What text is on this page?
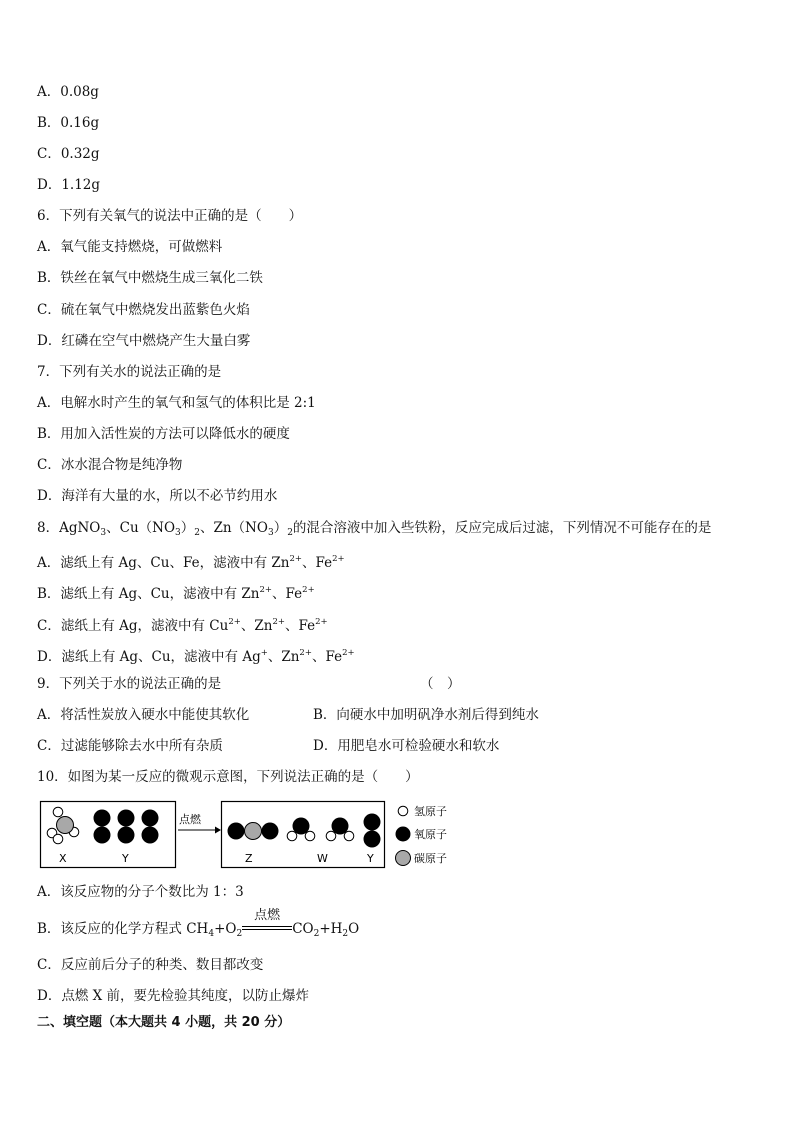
A．0.08g
B．0.16g
C．0.32g
D．1.12g
6．下列有关氧气的说法中正确的是（　　）
A．氧气能支持燃烧，可做燃料
B．铁丝在氧气中燃烧生成三氧化二铁
C．硫在氧气中燃烧发出蓝紫色火焰
D．红磷在空气中燃烧产生大量白雾
7．下列有关水的说法正确的是
A．电解水时产生的氧气和氢气的体积比是 2:1
B．用加入活性炭的方法可以降低水的硬度
C．冰水混合物是纯净物
D．海洋有大量的水，所以不必节约用水
8．AgNO$_3$、$Cu(NO_3)_2$、$Zn(NO_3)_2$的混合溶液中加入些铁粉，反应完成后过滤，下列情况不可能存在的是
A．滤纸上有 Ag、Cu、Fe，滤液中有 $Zn^{2+}$、$Fe^{2+}$
B．滤纸上有 Ag、Cu，滤液中有 $Zn^{2+}$、$Fe^{2+}$
C．滤纸上有 Ag，滤液中有 $Cu^{2+}$、$Zn^{2+}$、$Fe^{2+}$
D．滤纸上有 Ag、Cu，滤液中有 Ag+、$Zn^{2+}$、$Fe^{2+}$
9．下列关于水的说法正确的是	（　）
A．将活性炭放入硬水中能使其软化	B．向硬水中加明矾净水剂后得到纯水
C．过滤能够除去水中所有杂质	D．用肥皂水可检验硬水和软水
10．如图为某一反应的微观示意图，下列说法正确的是（　　）
X	Y
点燃
Z	W	Y
氢原子
氧原子
碳原子
A．该反应物的分子个数比为 1：3
B．该反应的化学方程式 $CH_4+O_2$
点燃
$CO_2+H_2O$
C．反应前后分子的种类、数目都改变
D．点燃 X 前，要先检验其纯度，以防止爆炸
二、填空题（本大题共 4 小题，共 20 分）
